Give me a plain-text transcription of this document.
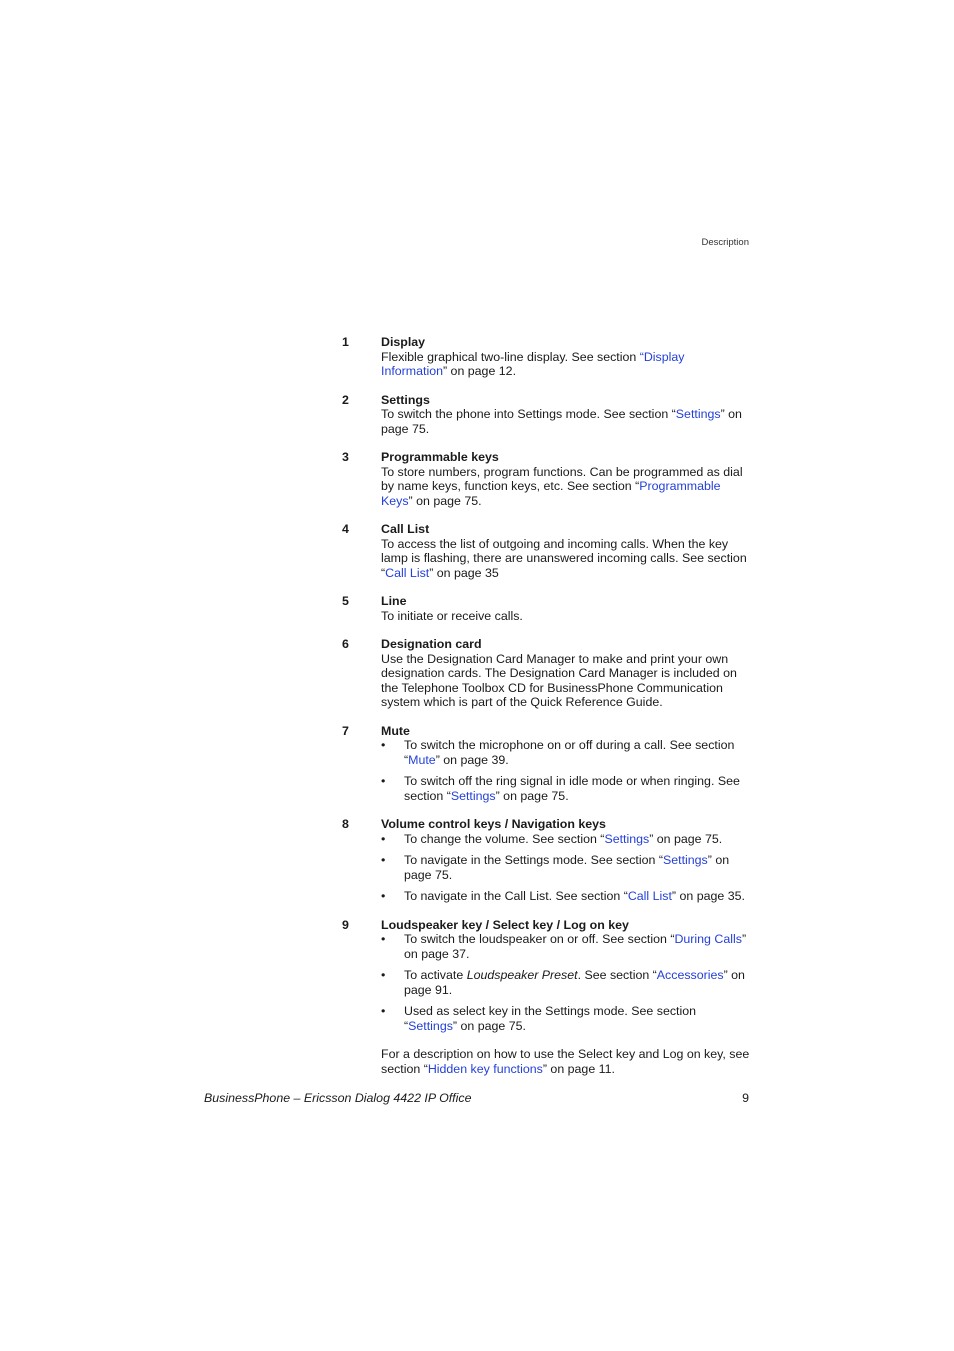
Description
1	Display
Flexible graphical two-line display. See section “Display Information” on page 12.
2	Settings
To switch the phone into Settings mode. See section “Settings” on page 75.
3	Programmable keys
To store numbers, program functions. Can be programmed as dial by name keys, function keys, etc. See section “Programmable Keys” on page 75.
4	Call List
To access the list of outgoing and incoming calls. When the key lamp is flashing, there are unanswered incoming calls. See section “Call List” on page 35
5	Line
To initiate or receive calls.
6	Designation card
Use the Designation Card Manager to make and print your own designation cards. The Designation Card Manager is included on the Telephone Toolbox CD for BusinessPhone Communication system which is part of the Quick Reference Guide.
7	Mute
• To switch the microphone on or off during a call. See section “Mute” on page 39.
• To switch off the ring signal in idle mode or when ringing. See section “Settings” on page 75.
8	Volume control keys / Navigation keys
• To change the volume. See section “Settings” on page 75.
• To navigate in the Settings mode. See section “Settings” on page 75.
• To navigate in the Call List. See section “Call List” on page 35.
9	Loudspeaker key / Select key / Log on key
• To switch the loudspeaker on or off. See section “During Calls” on page 37.
• To activate Loudspeaker Preset. See section “Accessories” on page 91.
• Used as select key in the Settings mode. See section “Settings” on page 75.
For a description on how to use the Select key and Log on key, see section “Hidden key functions” on page 11.
BusinessPhone – Ericsson Dialog 4422 IP Office	9
